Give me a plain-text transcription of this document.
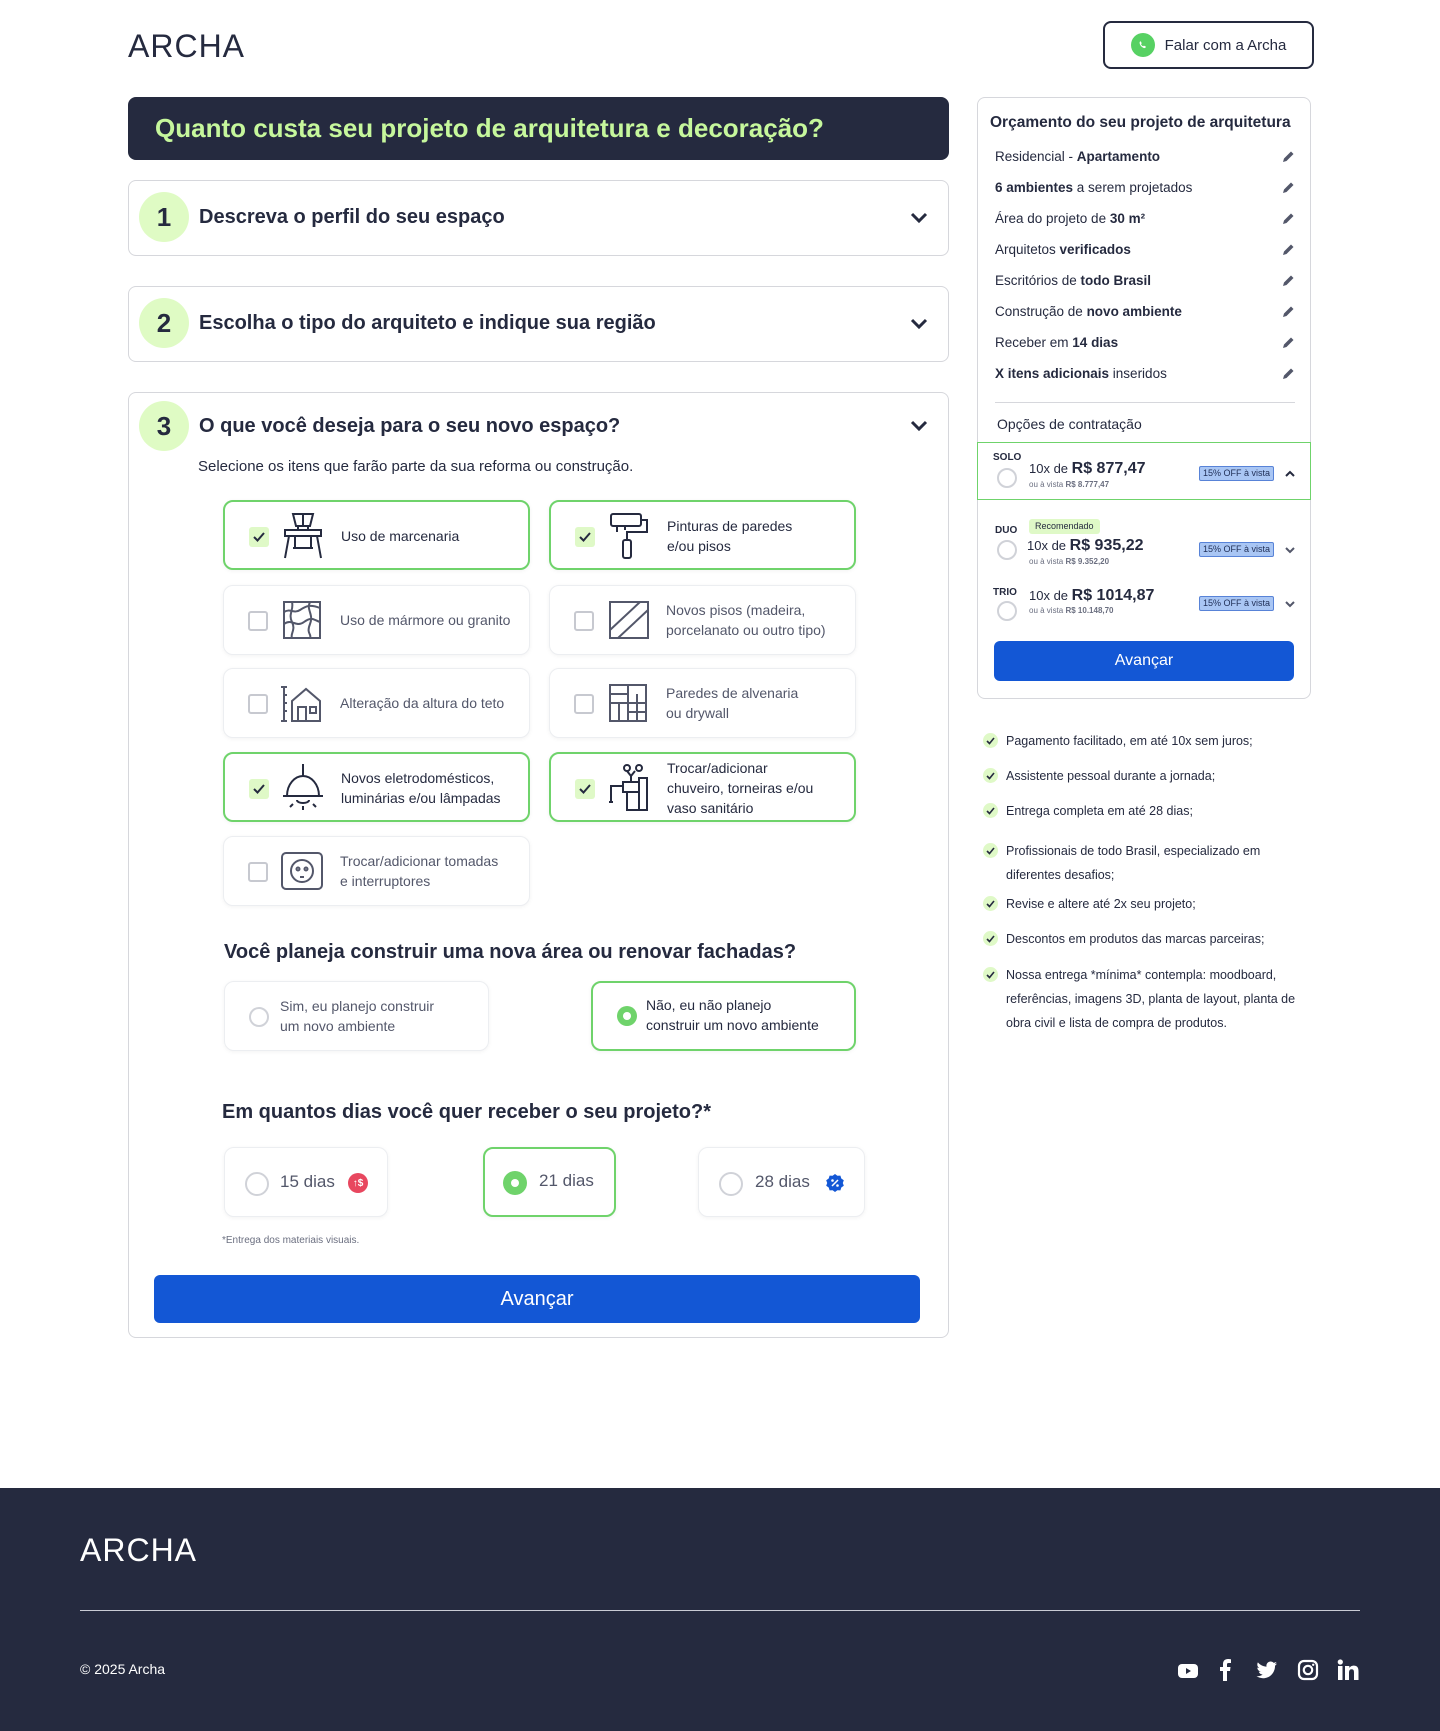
ARCHA	Falar com a Archa
Quanto custa seu projeto de arquitetura e decoração?
1	Descreva o perfil do seu espaço
2	Escolha o tipo do arquiteto e indique sua região
3	O que você deseja para o seu novo espaço?
Selecione os itens que farão parte da sua reforma ou construção.
Uso de marcenaria
Pinturas de paredes
e/ou pisos
Uso de mármore ou granito
Novos pisos (madeira,
porcelanato ou outro tipo)
Alteração da altura do teto
Paredes de alvenaria
ou drywall
Novos eletrodomésticos,
luminárias e/ou lâmpadas
Trocar/adicionar
chuveiro, torneiras e/ou
vaso sanitário
Trocar/adicionar tomadas
e interruptores
Você planeja construir uma nova área ou renovar fachadas?
Sim, eu planejo construir
um novo ambiente
Não, eu não planejo
construir um novo ambiente
Em quantos dias você quer receber o seu projeto?*
15 dias	↑$	21 dias	28 dias
*Entrega dos materiais visuais.
Avançar
Orçamento do seu projeto de arquitetura
Residencial - Apartamento
6 ambientes a serem projetados
Área do projeto de 30 m²
Arquitetos verificados
Escritórios de todo Brasil
Construção de novo ambiente
Receber em 14 dias
X itens adicionais inseridos
Opções de contratação
SOLO
10x de R$ 877,47
ou à vista R$ 8.777,47
15% OFF à vista
DUO	Recomendado
10x de R$ 935,22
ou à vista R$ 9.352,20
15% OFF à vista
TRIO 10x de R$ 1014,87
ou à vista R$ 10.148,70
15% OFF à vista
Avançar
Pagamento facilitado, em até 10x sem juros;
Assistente pessoal durante a jornada;
Entrega completa em até 28 dias;
Profissionais de todo Brasil, especializado em diferentes desafios;
Revise e altere até 2x seu projeto;
Descontos em produtos das marcas parceiras;
Nossa entrega *mínima* contempla: moodboard, referências, imagens 3D, planta de layout, planta de obra civil e lista de compra de produtos.
ARCHA
© 2025 Archa
